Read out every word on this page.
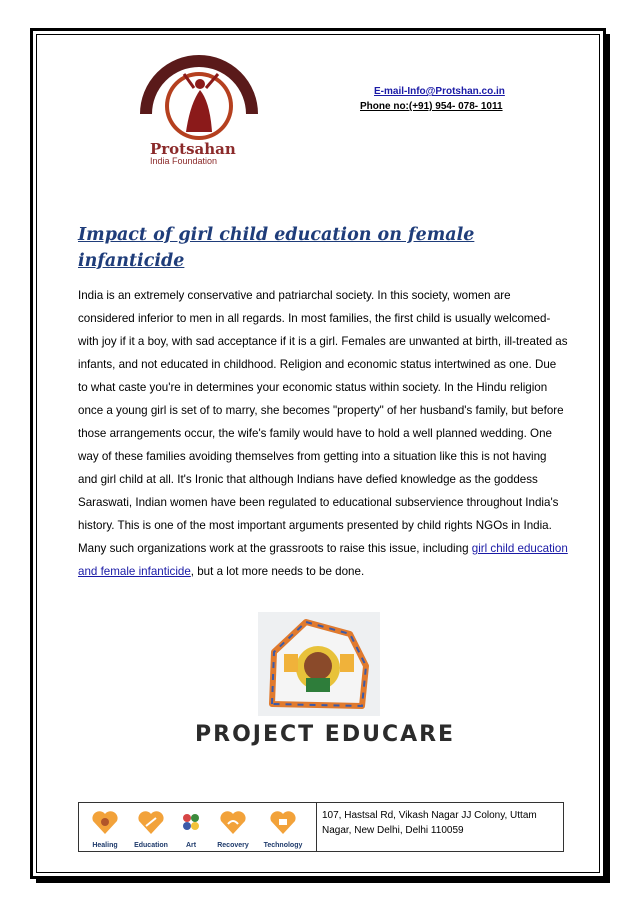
Protsahan
India Foundation
E-mail-Info@Protshan.co.in
Phone no:(+91) 954- 078- 1011
Impact of girl child education on female infanticide

India is an extremely conservative and patriarchal society. In this society, women are considered inferior to men in all regards. In most families, the first child is usually welcomed- with joy if it a boy, with sad acceptance if it is a girl. Females are unwanted at birth, ill-treated as infants, and not educated in childhood. Religion and economic status intertwined as one. Due to what caste you're in determines your economic status within society. In the Hindu religion once a young girl is set of to marry, she becomes "property" of her husband's family, but before those arrangements occur, the wife's family would have to hold a well planned wedding. One way of these families avoiding themselves from getting into a situation like this is not having and girl child at all. It's Ironic that although Indians have defied knowledge as the goddess Saraswati, Indian women have been regulated to educational subservience throughout India's history. This is one of the most important arguments presented by child rights NGOs in India. Many such organizations work at the grassroots to raise this issue, including girl child education and female infanticide, but a lot more needs to be done.

PROJECT EDUCARE
Healing	Education	Art	Recovery	Technology
107, Hastsal Rd, Vikash Nagar JJ Colony, Uttam Nagar, New Delhi, Delhi 110059
